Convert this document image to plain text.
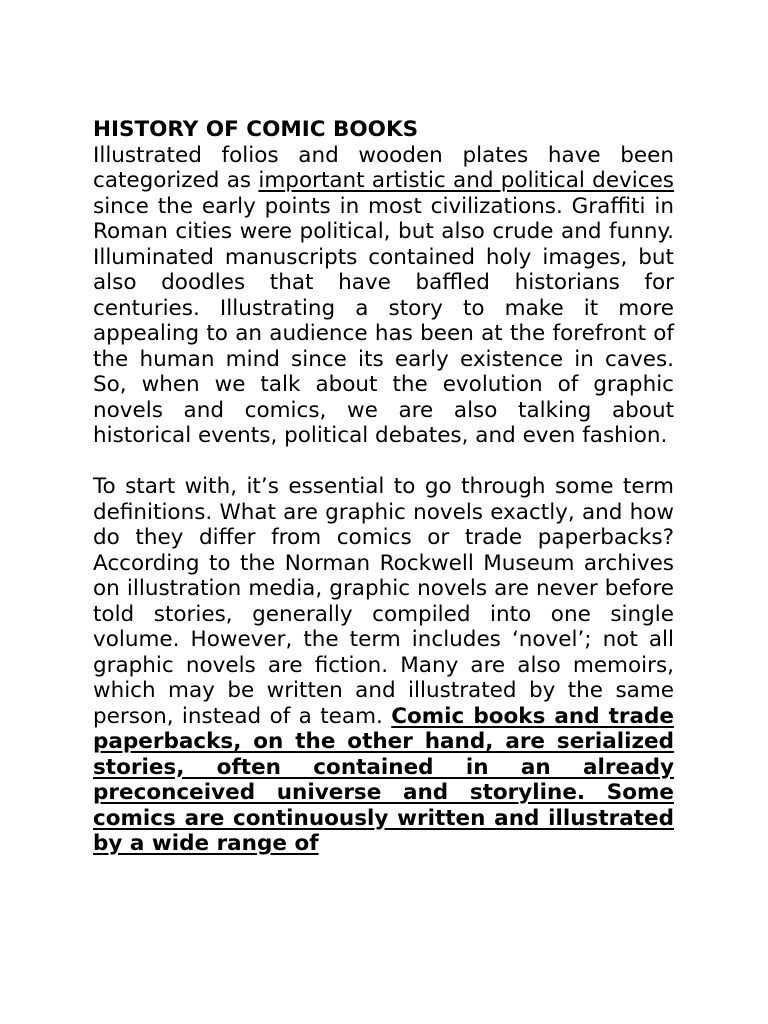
HISTORY OF COMIC BOOKS

Illustrated folios and wooden plates have been categorized as important artistic and political devices since the early points in most civilizations. Graffiti in Roman cities were political, but also crude and funny. Illuminated manuscripts contained holy images, but also doodles that have baffled historians for centuries. Illustrating a story to make it more appealing to an audience has been at the forefront of the human mind since its early existence in caves. So, when we talk about the evolution of graphic novels and comics, we are also talking about historical events, political debates, and even fashion.

To start with, it’s essential to go through some term definitions. What are graphic novels exactly, and how do they differ from comics or trade paperbacks? According to the Norman Rockwell Museum archives on illustration media, graphic novels are never before told stories, generally compiled into one single volume. However, the term includes ‘novel’; not all graphic novels are fiction. Many are also memoirs, which may be written and illustrated by the same person, instead of a team. Comic books and trade paperbacks, on the other hand, are serialized stories, often contained in an already preconceived universe and storyline. Some comics are continuously written and illustrated by a wide range of
